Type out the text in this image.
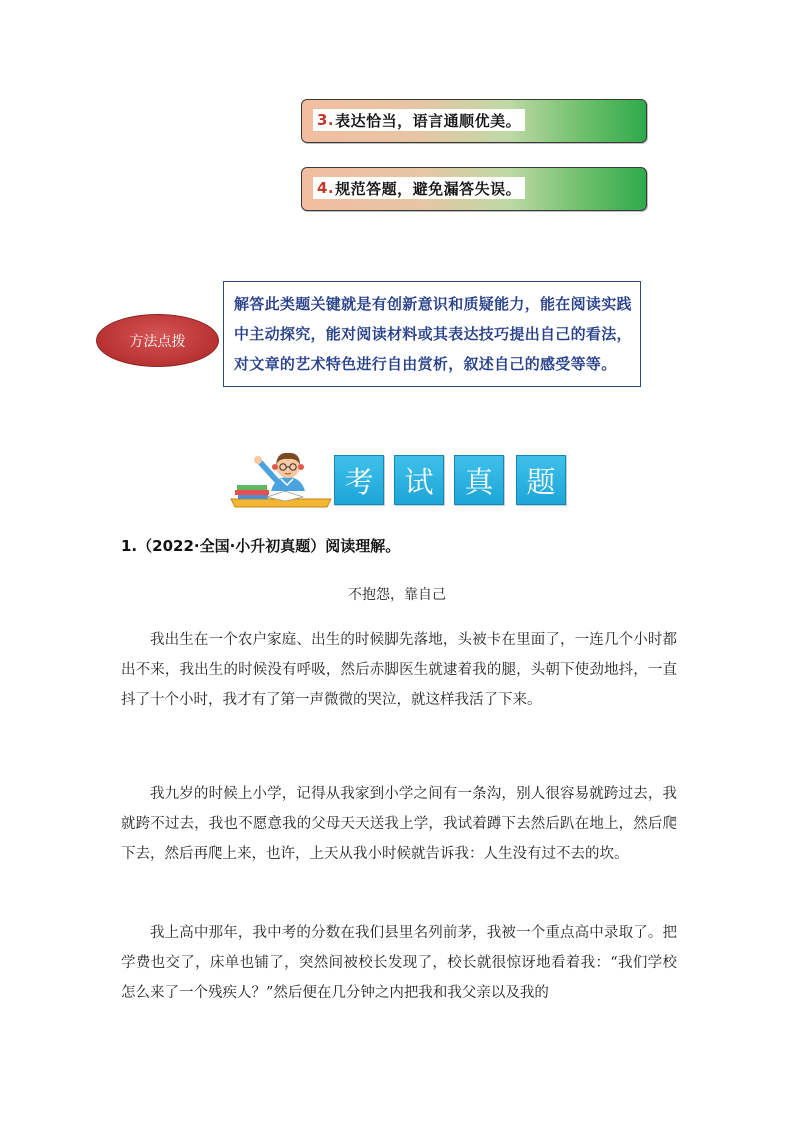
3. 表达恰当，语言通顺优美。
4. 规范答题，避免漏答失误。
方法点拨
解答此类题关键就是有创新意识和质疑能力，能在阅读实践中主动探究，能对阅读材料或其表达技巧提出自己的看法，对文章的艺术特色进行自由赏析，叙述自己的感受等等。
考	试	真	题
1.（2022·全国·小升初真题）阅读理解。
不抱怨，靠自己

我出生在一个农户家庭、出生的时候脚先落地，头被卡在里面了，一连几个小时都出不来，我出生的时候没有呼吸，然后赤脚医生就逮着我的腿，头朝下使劲地抖，一直抖了十个小时，我才有了第一声微微的哭泣，就这样我活了下来。

我九岁的时候上小学，记得从我家到小学之间有一条沟，别人很容易就跨过去，我就跨不过去，我也不愿意我的父母天天送我上学，我试着蹲下去然后趴在地上，然后爬下去，然后再爬上来，也许，上天从我小时候就告诉我：人生没有过不去的坎。

我上高中那年，我中考的分数在我们县里名列前茅，我被一个重点高中录取了。把学费也交了，床单也铺了，突然间被校长发现了，校长就很惊讶地看着我：“我们学校怎么来了一个残疾人？”然后便在几分钟之内把我和我父亲以及我的
